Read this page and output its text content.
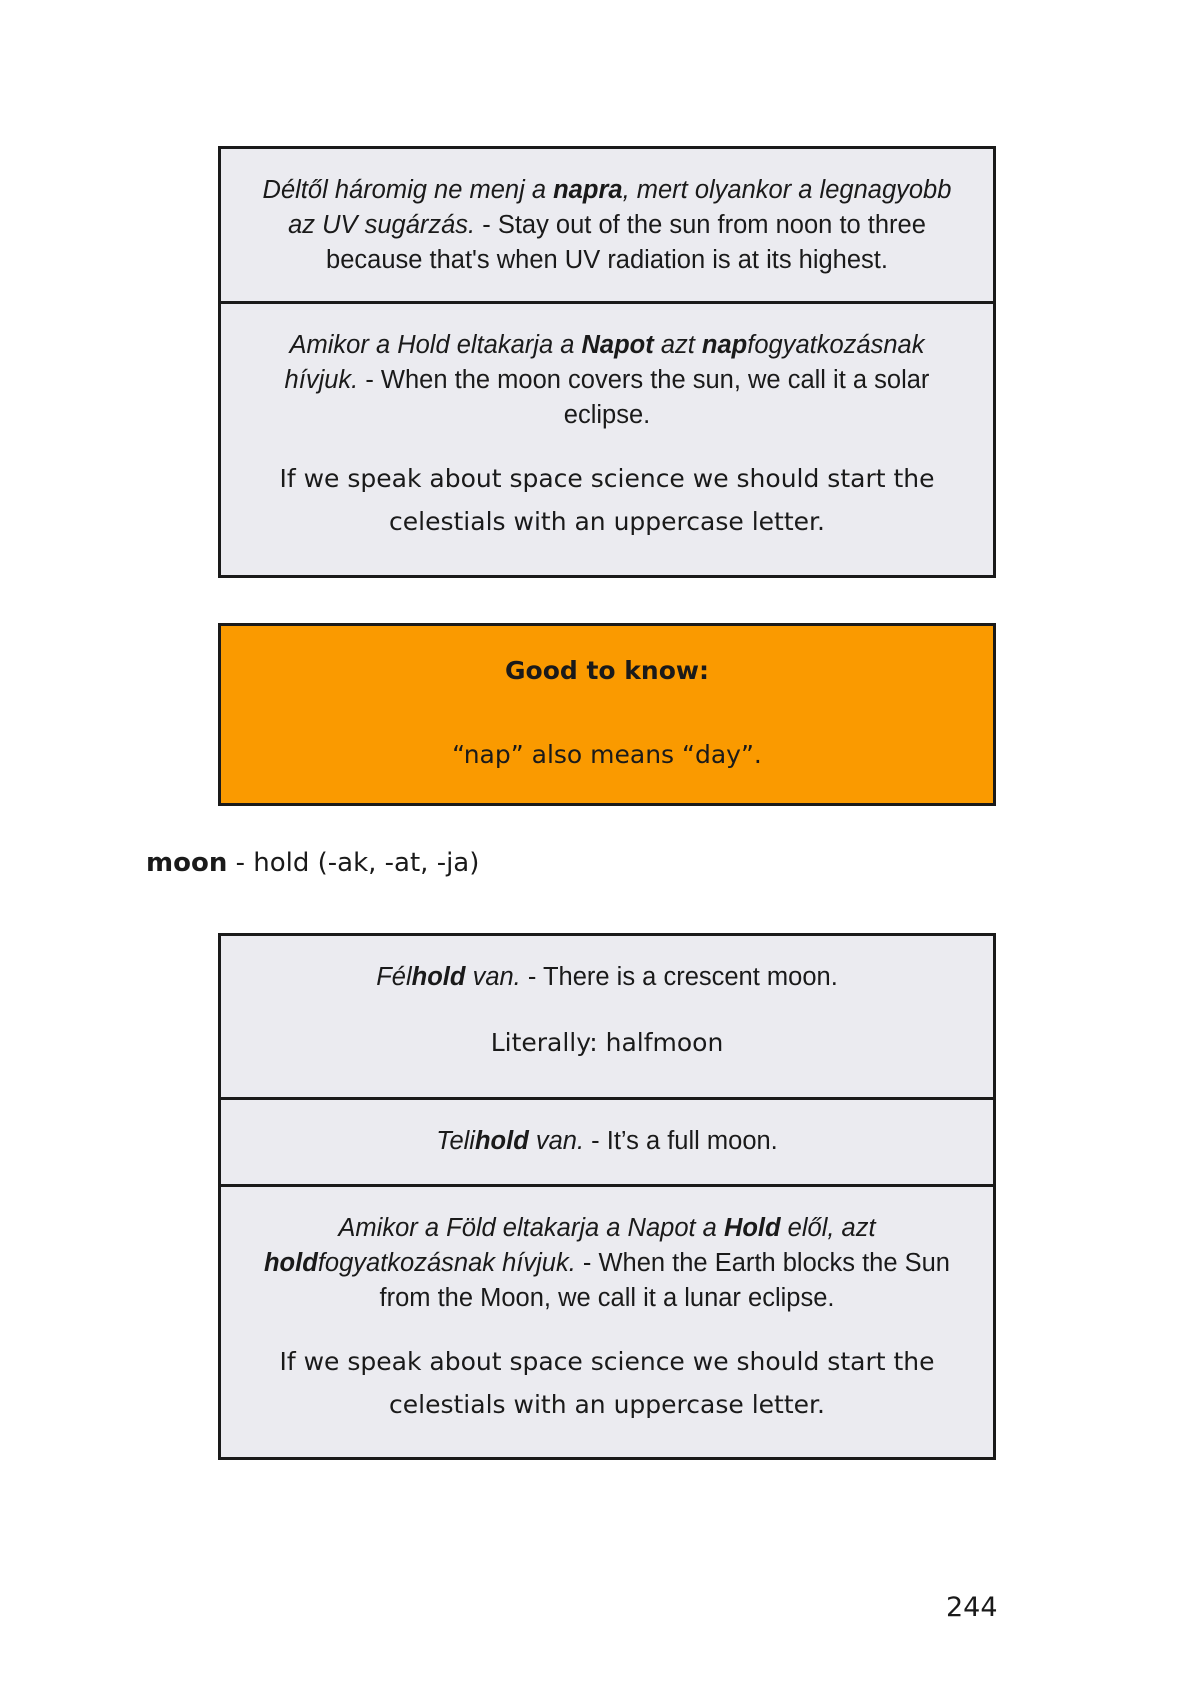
Déltől háromig ne menj a napra, mert olyankor a legnagyobb az UV sugárzás. - Stay out of the sun from noon to three because that's when UV radiation is at its highest.

Amikor a Hold eltakarja a Napot azt napfogyatkozásnak hívjuk. - When the moon covers the sun, we call it a solar eclipse.

If we speak about space science we should start the celestials with an uppercase letter.

Good to know:

“nap” also means “day”.

moon - hold (-ak, -at, -ja)

Félhold van. - There is a crescent moon.

Literally: halfmoon

Telihold van. - It’s a full moon.

Amikor a Föld eltakarja a Napot a Hold elől, azt holdfogyatkozásnak hívjuk. - When the Earth blocks the Sun from the Moon, we call it a lunar eclipse.

If we speak about space science we should start the celestials with an uppercase letter.

244
